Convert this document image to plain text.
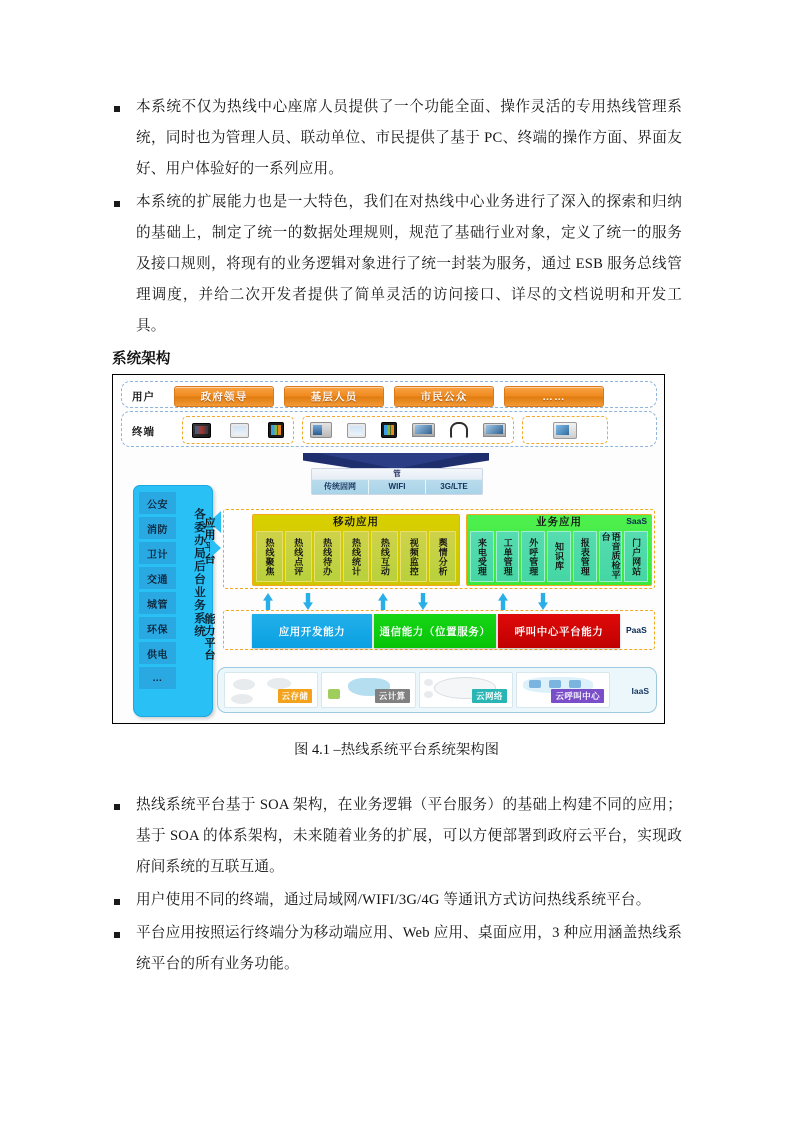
本系统不仅为热线中心座席人员提供了一个功能全面、操作灵活的专用热线管理系统，同时也为管理人员、联动单位、市民提供了基于 PC、终端的操作方面、界面友好、用户体验好的一系列应用。
本系统的扩展能力也是一大特色，我们在对热线中心业务进行了深入的探索和归纳的基础上，制定了统一的数据处理规则，规范了基础行业对象，定义了统一的服务及接口规则，将现有的业务逻辑对象进行了统一封装为服务，通过 ESB 服务总线管理调度，并给二次开发者提供了简单灵活的访问接口、详尽的文档说明和开发工具。
系统架构
用户	政府领导	基层人员	市民公众	……
终端
管
传统固网	WIFI	3G/LTE
公安
消防
卫计
交通
城管
环保
供电
…
各委办局后台业务系统
应用平台	移动应用
热线聚焦	热线点评	热线待办	热线统计	热线互动	视频监控	舆情分析
业务应用	SaaS
来电受理	工单管理	外呼管理	知识库	报表管理	语音质检平台
门户网站
能力平台	应用开发能力	通信能力（位置服务）	呼叫中心平台能力	PaaS
云存储	云计算	云网络	云呼叫中心	IaaS
图 4.1 –热线系统平台系统架构图
热线系统平台基于 SOA 架构，在业务逻辑（平台服务）的基础上构建不同的应用；基于 SOA 的体系架构，未来随着业务的扩展，可以方便部署到政府云平台，实现政府间系统的互联互通。
用户使用不同的终端，通过局域网/WIFI/3G/4G 等通讯方式访问热线系统平台。
平台应用按照运行终端分为移动端应用、Web 应用、桌面应用，3 种应用涵盖热线系统平台的所有业务功能。
